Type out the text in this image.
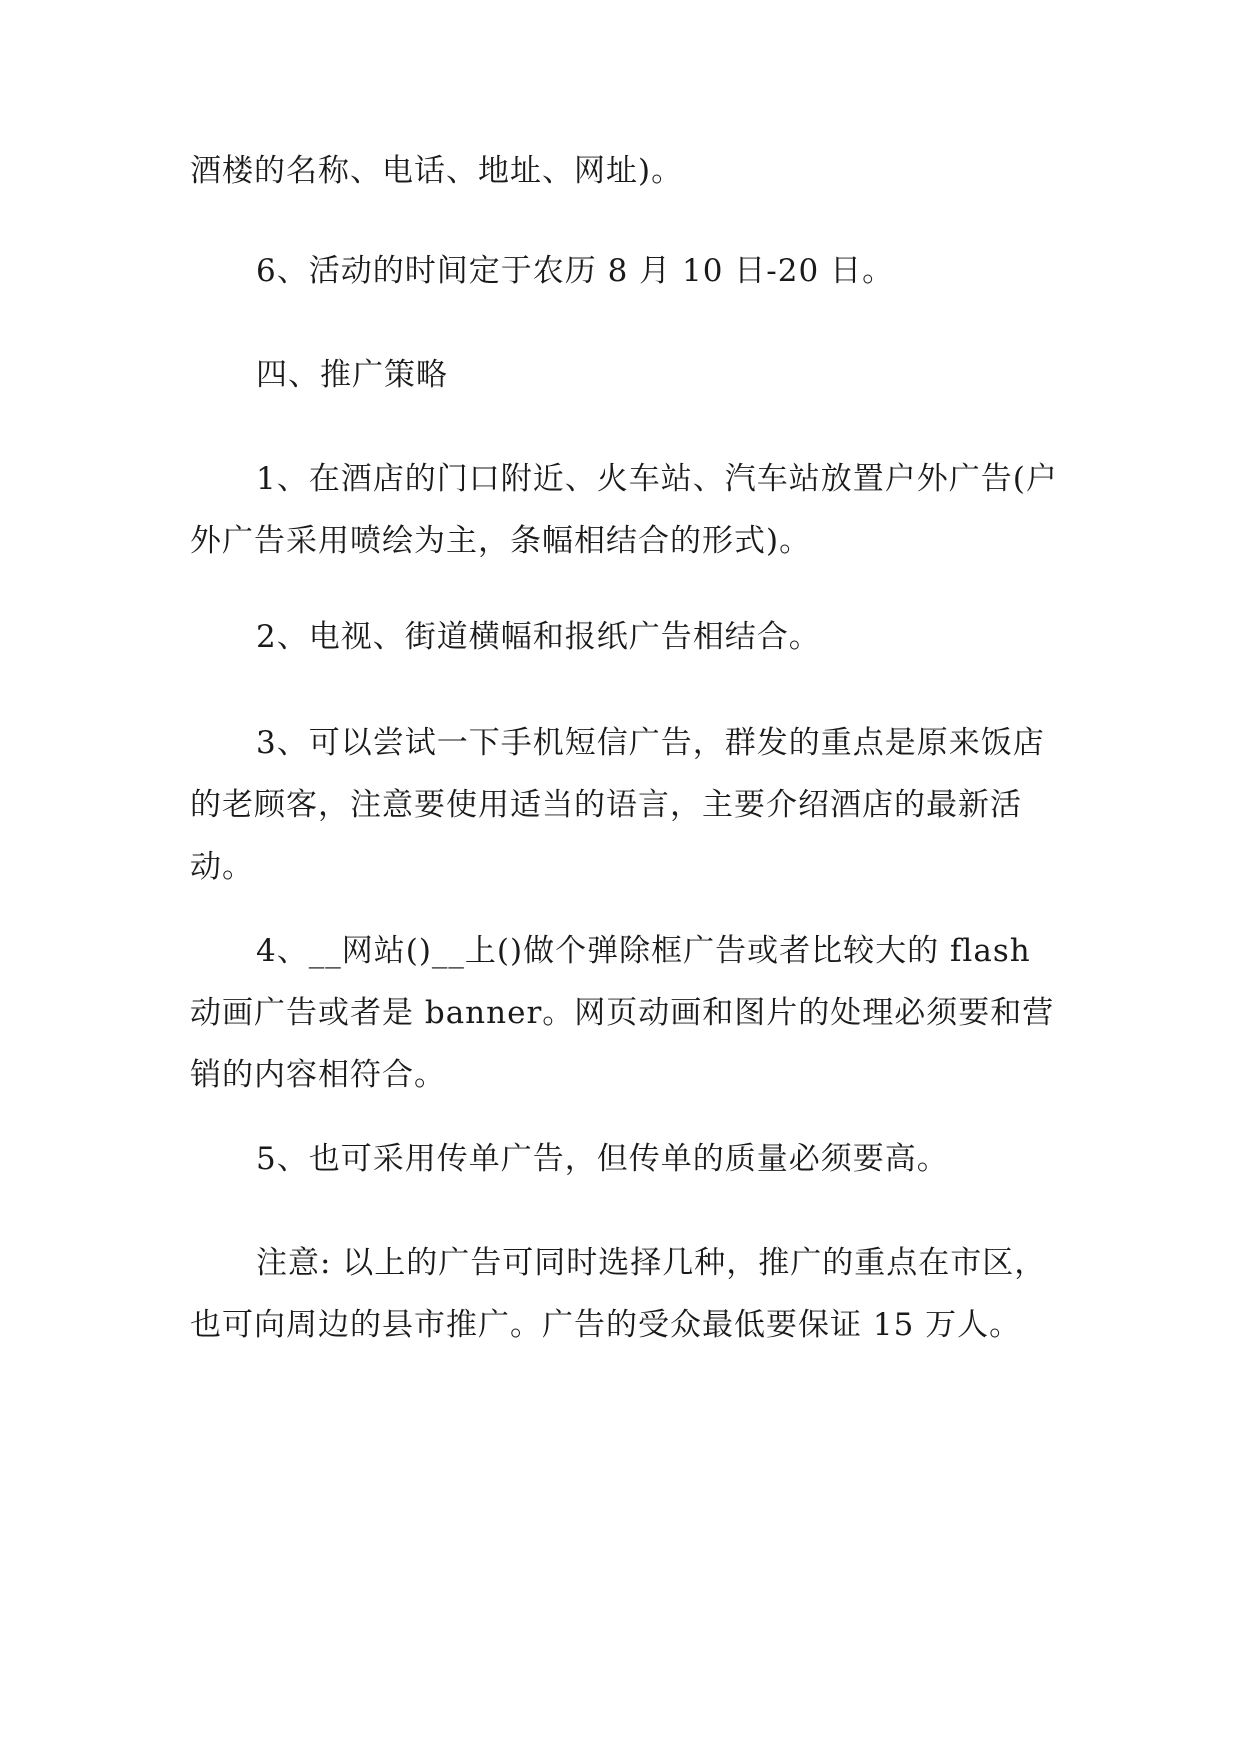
酒楼的名称、电话、地址、网址)。

6、活动的时间定于农历 8 月 10 日-20 日。

四、推广策略

1、在酒店的门口附近、火车站、汽车站放置户外广告(户外广告采用喷绘为主，条幅相结合的形式)。

2、电视、街道横幅和报纸广告相结合。

3、可以尝试一下手机短信广告，群发的重点是原来饭店的老顾客，注意要使用适当的语言，主要介绍酒店的最新活动。

4、__网站()__上()做个弹除框广告或者比较大的 flash 动画广告或者是 banner。网页动画和图片的处理必须要和营销的内容相符合。

5、也可采用传单广告，但传单的质量必须要高。

注意: 以上的广告可同时选择几种，推广的重点在市区，也可向周边的县市推广。广告的受众最低要保证 15 万人。
